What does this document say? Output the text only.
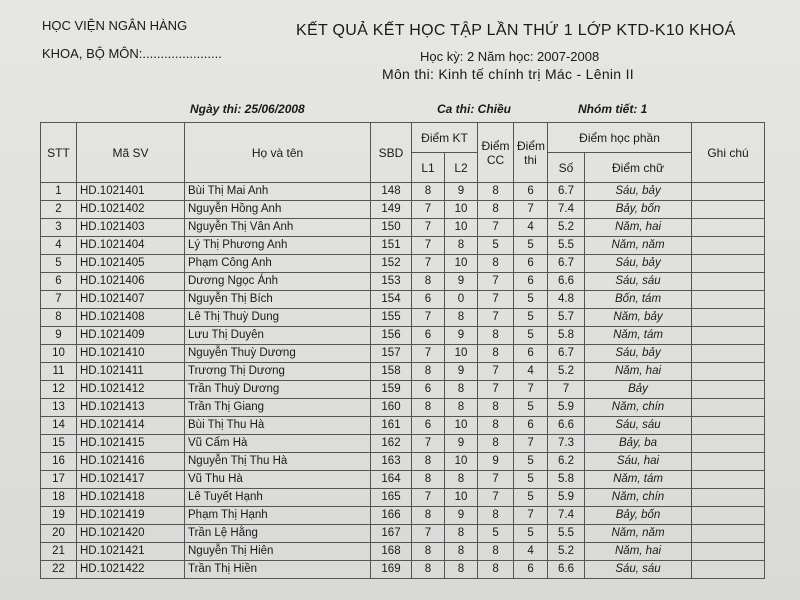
HỌC VIỆN NGÂN HÀNG
KHOA, BỘ MÔN:......................
KẾT QUẢ KẾT HỌC TẬP LẦN THỨ 1 LỚP KTD-K10 KHOÁ
Học kỳ: 2 Năm học: 2007-2008
Môn thi: Kinh tế chính trị Mác - Lênin II
Ngày thi: 25/06/2008	Ca thi: Chiều	Nhóm tiết: 1
STT	Mã SV	Họ và tên	SBD	Điểm KT		Điểm CC	Điểm thi	Điểm học phần		Ghi chú
				L1	L2			Số	Điểm chữ	
1	HD.1021401	Bùi Thị Mai Anh	148	8	9	8	6	6.7	Sáu, bảy	
2	HD.1021402	Nguyễn Hồng Anh	149	7	10	8	7	7.4	Bảy, bốn	
3	HD.1021403	Nguyễn Thị Vân Anh	150	7	10	7	4	5.2	Năm, hai	
4	HD.1021404	Lý Thị Phương Anh	151	7	8	5	5	5.5	Năm, năm	
5	HD.1021405	Phạm Công Anh	152	7	10	8	6	6.7	Sáu, bảy	
6	HD.1021406	Dương Ngọc Ánh	153	8	9	7	6	6.6	Sáu, sáu	
7	HD.1021407	Nguyễn Thị Bích	154	6	0	7	5	4.8	Bốn, tám	
8	HD.1021408	Lê Thị Thuỳ Dung	155	7	8	7	5	5.7	Năm, bảy	
9	HD.1021409	Lưu Thị Duyên	156	6	9	8	5	5.8	Năm, tám	
10	HD.1021410	Nguyễn Thuỳ Dương	157	7	10	8	6	6.7	Sáu, bảy	
11	HD.1021411	Trương Thị Dương	158	8	9	7	4	5.2	Năm, hai	
12	HD.1021412	Trần Thuỳ Dương	159	6	8	7	7	7	Bảy	
13	HD.1021413	Trần Thị Giang	160	8	8	8	5	5.9	Năm, chín	
14	HD.1021414	Bùi Thị Thu Hà	161	6	10	8	6	6.6	Sáu, sáu	
15	HD.1021415	Vũ Cẩm Hà	162	7	9	8	7	7.3	Bảy, ba	
16	HD.1021416	Nguyễn Thị Thu Hà	163	8	10	9	5	6.2	Sáu, hai	
17	HD.1021417	Vũ Thu Hà	164	8	8	7	5	5.8	Năm, tám	
18	HD.1021418	Lê Tuyết Hạnh	165	7	10	7	5	5.9	Năm, chín	
19	HD.1021419	Phạm Thị Hạnh	166	8	9	8	7	7.4	Bảy, bốn	
20	HD.1021420	Trần Lệ Hằng	167	7	8	5	5	5.5	Năm, năm	
21	HD.1021421	Nguyễn Thị Hiên	168	8	8	8	4	5.2	Năm, hai	
22	HD.1021422	Trần Thị Hiền	169	8	8	8	6	6.6	Sáu, sáu	
